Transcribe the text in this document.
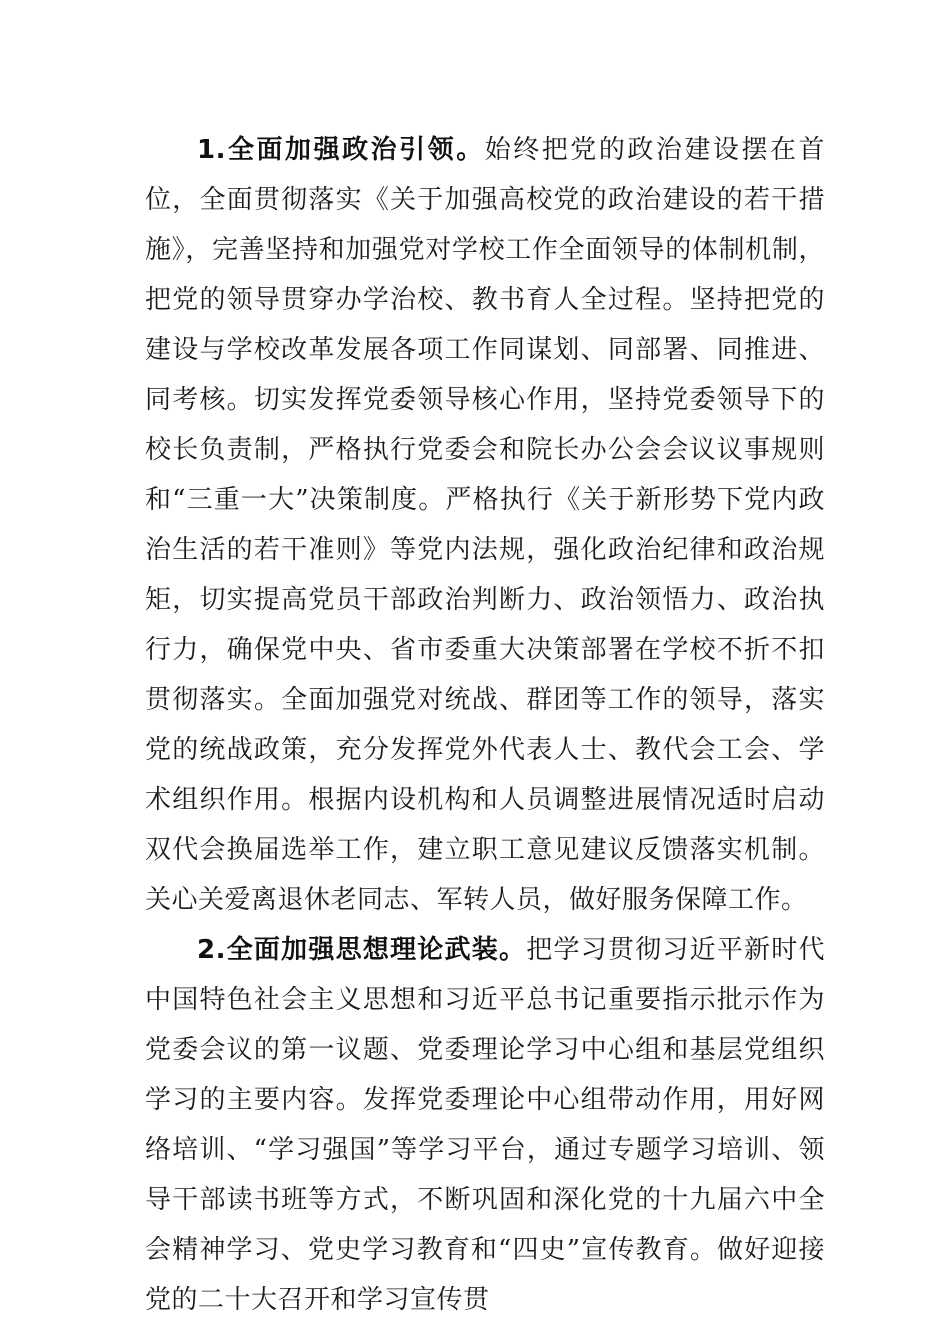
1.全面加强政治引领。始终把党的政治建设摆在首位，全面贯彻落实《关于加强高校党的政治建设的若干措施》，完善坚持和加强党对学校工作全面领导的体制机制，把党的领导贯穿办学治校、教书育人全过程。坚持把党的建设与学校改革发展各项工作同谋划、同部署、同推进、同考核。切实发挥党委领导核心作用，坚持党委领导下的校长负责制，严格执行党委会和院长办公会会议议事规则和“三重一大”决策制度。严格执行《关于新形势下党内政治生活的若干准则》等党内法规，强化政治纪律和政治规矩，切实提高党员干部政治判断力、政治领悟力、政治执行力，确保党中央、省市委重大决策部署在学校不折不扣贯彻落实。全面加强党对统战、群团等工作的领导，落实党的统战政策，充分发挥党外代表人士、教代会工会、学术组织作用。根据内设机构和人员调整进展情况适时启动双代会换届选举工作，建立职工意见建议反馈落实机制。关心关爱离退休老同志、军转人员，做好服务保障工作。

2.全面加强思想理论武装。把学习贯彻习近平新时代中国特色社会主义思想和习近平总书记重要指示批示作为党委会议的第一议题、党委理论学习中心组和基层党组织学习的主要内容。发挥党委理论中心组带动作用，用好网络培训、“学习强国”等学习平台，通过专题学习培训、领导干部读书班等方式，不断巩固和深化党的十九届六中全会精神学习、党史学习教育和“四史”宣传教育。做好迎接党的二十大召开和学习宣传贯
